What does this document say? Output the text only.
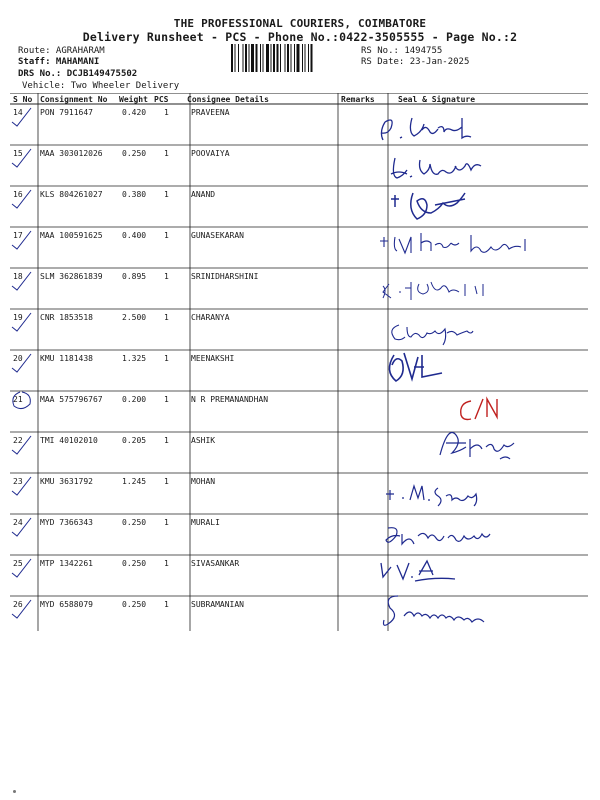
THE PROFESSIONAL COURIERS, COIMBATORE
Delivery Runsheet - PCS - Phone No.:0422-3505555 - Page No.:2
Route: AGRAHARAM
Staff: MAHAMANI
DRS No.: DCJB149475502
Vehicle: Two Wheeler Delivery
RS No.: 1494755
RS Date: 23-Jan-2025
S No Consignment No Weight PCS Consignee Details	Remarks	Seal & Signature
14 PON 7911647	0.420 1	PRAVEENA
15 MAA 303012026 0.250 1	POOVAIYA
16 KLS 804261027 0.380 1	ANAND
17 MAA 100591625 0.400 1	GUNASEKARAN
18 SLM 362861839 0.895 1	SRINIDHARSHINI
19 CNR 1853518	2.500 1	CHARANYA
20 KMU 1181438	1.325 1	MEENAKSHI
21 MAA 575796767 0.200 1	N R PREMANANDHAN
22 TMI 40102010	0.205 1	ASHIK
23 KMU 3631792	1.245 1	MOHAN
24 MYD 7366343	0.250 1	MURALI
25 MTP 1342261	0.250 1	SIVASANKAR
26 MYD 6588079	0.250 1	SUBRAMANIAN
